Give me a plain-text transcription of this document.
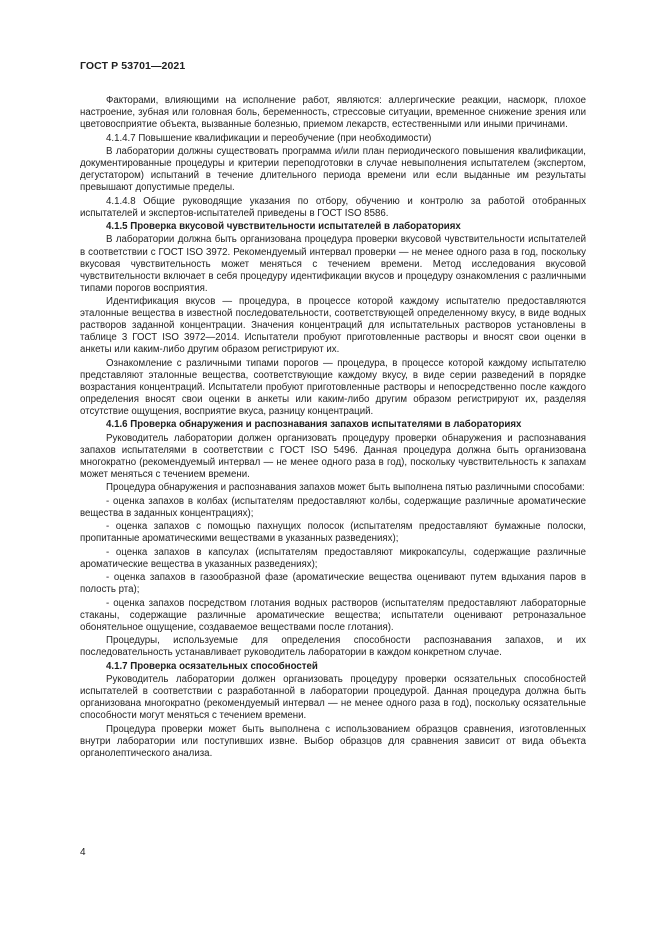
ГОСТ Р 53701—2021

Факторами, влияющими на исполнение работ, являются: аллергические реакции, насморк, плохое настроение, зубная или головная боль, беременность, стрессовые ситуации, временное снижение зрения или цветовосприятие объекта, вызванные болезнью, приемом лекарств, естественными или иными причинами.

4.1.4.7 Повышение квалификации и переобучение (при необходимости)

В лаборатории должны существовать программа и/или план периодического повышения квалификации, документированные процедуры и критерии переподготовки в случае невыполнения испытателем (экспертом, дегустатором) испытаний в течение длительного периода времени или если выданные им результаты превышают допустимые пределы.

4.1.4.8 Общие руководящие указания по отбору, обучению и контролю за работой отобранных испытателей и экспертов-испытателей приведены в ГОСТ ISO 8586.

4.1.5 Проверка вкусовой чувствительности испытателей в лабораториях

В лаборатории должна быть организована процедура проверки вкусовой чувствительности испытателей в соответствии с ГОСТ ISO 3972. Рекомендуемый интервал проверки — не менее одного раза в год, поскольку вкусовая чувствительность может меняться с течением времени. Метод исследования вкусовой чувствительности включает в себя процедуру идентификации вкусов и процедуру ознакомления с различными типами порогов восприятия.

Идентификация вкусов — процедура, в процессе которой каждому испытателю предоставляются эталонные вещества в известной последовательности, соответствующей определенному вкусу, в виде водных растворов заданной концентрации. Значения концентраций для испытательных растворов установлены в таблице 3 ГОСТ ISO 3972—2014. Испытатели пробуют приготовленные растворы и вносят свои оценки в анкеты или каким-либо другим образом регистрируют их.

Ознакомление с различными типами порогов — процедура, в процессе которой каждому испытателю представляют эталонные вещества, соответствующие каждому вкусу, в виде серии разведений в порядке возрастания концентраций. Испытатели пробуют приготовленные растворы и непосредственно после каждого определения вносят свои оценки в анкеты или каким-либо другим образом регистрируют их, разделяя отсутствие ощущения, восприятие вкуса, разницу концентраций.

4.1.6 Проверка обнаружения и распознавания запахов испытателями в лабораториях

Руководитель лаборатории должен организовать процедуру проверки обнаружения и распознавания запахов испытателями в соответствии с ГОСТ ISO 5496. Данная процедура должна быть организована многократно (рекомендуемый интервал — не менее одного раза в год), поскольку чувствительность к запахам может меняться с течением времени.

Процедура обнаружения и распознавания запахов может быть выполнена пятью различными способами:

- оценка запахов в колбах (испытателям предоставляют колбы, содержащие различные ароматические вещества в заданных концентрациях);

- оценка запахов с помощью пахнущих полосок (испытателям предоставляют бумажные полоски, пропитанные ароматическими веществами в указанных разведениях);

- оценка запахов в капсулах (испытателям предоставляют микрокапсулы, содержащие различные ароматические вещества в указанных разведениях);

- оценка запахов в газообразной фазе (ароматические вещества оценивают путем вдыхания паров в полость рта);

- оценка запахов посредством глотания водных растворов (испытателям предоставляют лабораторные стаканы, содержащие различные ароматические вещества; испытатели оценивают ретроназальное обонятельное ощущение, создаваемое веществами после глотания).

Процедуры, используемые для определения способности распознавания запахов, и их последовательность устанавливает руководитель лаборатории в каждом конкретном случае.

4.1.7 Проверка осязательных способностей

Руководитель лаборатории должен организовать процедуру проверки осязательных способностей испытателей в соответствии с разработанной в лаборатории процедурой. Данная процедура должна быть организована многократно (рекомендуемый интервал — не менее одного раза в год), поскольку осязательные способности могут меняться с течением времени.

Процедура проверки может быть выполнена с использованием образцов сравнения, изготовленных внутри лаборатории или поступивших извне. Выбор образцов для сравнения зависит от вида объекта органолептического анализа.

4
